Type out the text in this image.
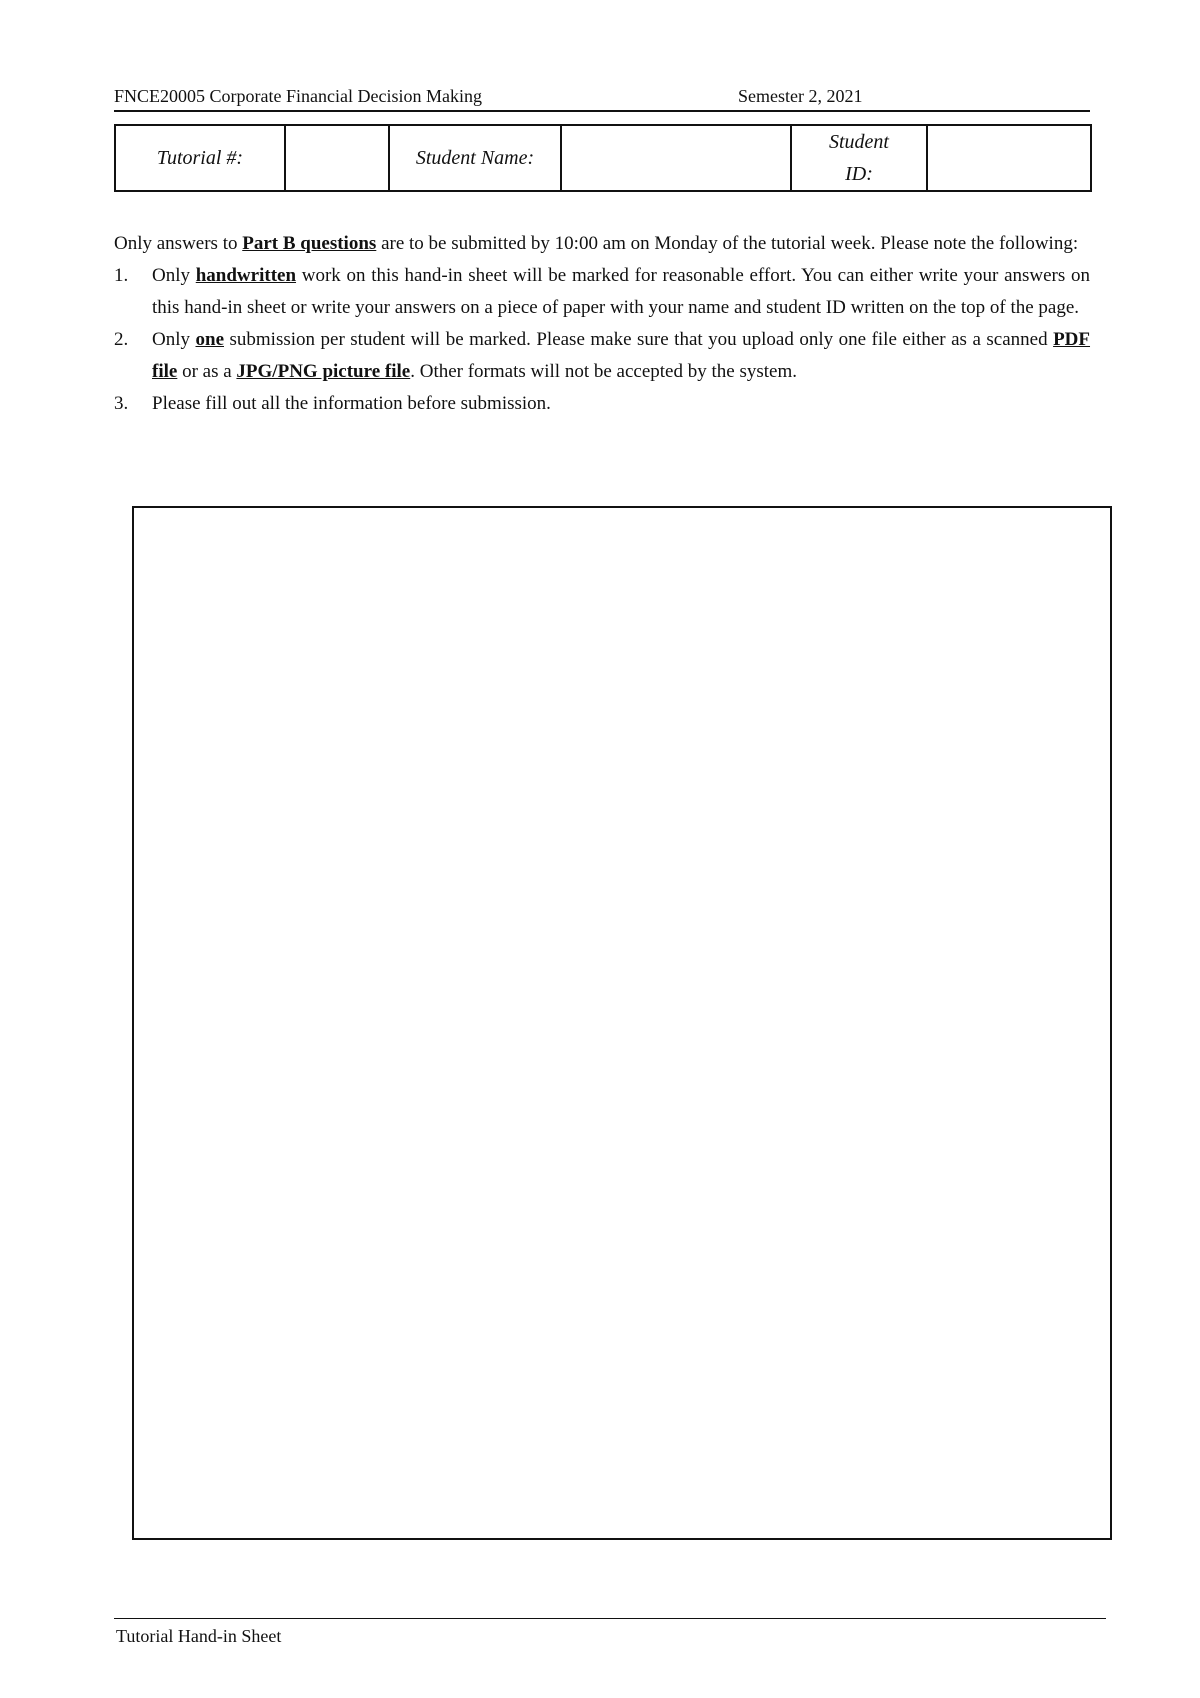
FNCE20005 Corporate Financial Decision Making	Semester 2, 2021
Tutorial #:		Student Name:		Student
ID:	

Only answers to Part B questions are to be submitted by 10:00 am on Monday of the tutorial week. Please note the following:

1. Only handwritten work on this hand-in sheet will be marked for reasonable effort. You can either write your answers on this hand-in sheet or write your answers on a piece of paper with your name and student ID written on the top of the page.
2. Only one submission per student will be marked. Please make sure that you upload only one file either as a scanned PDF file or as a JPG/PNG picture file. Other formats will not be accepted by the system.
3. Please fill out all the information before submission.
Tutorial Hand-in Sheet
